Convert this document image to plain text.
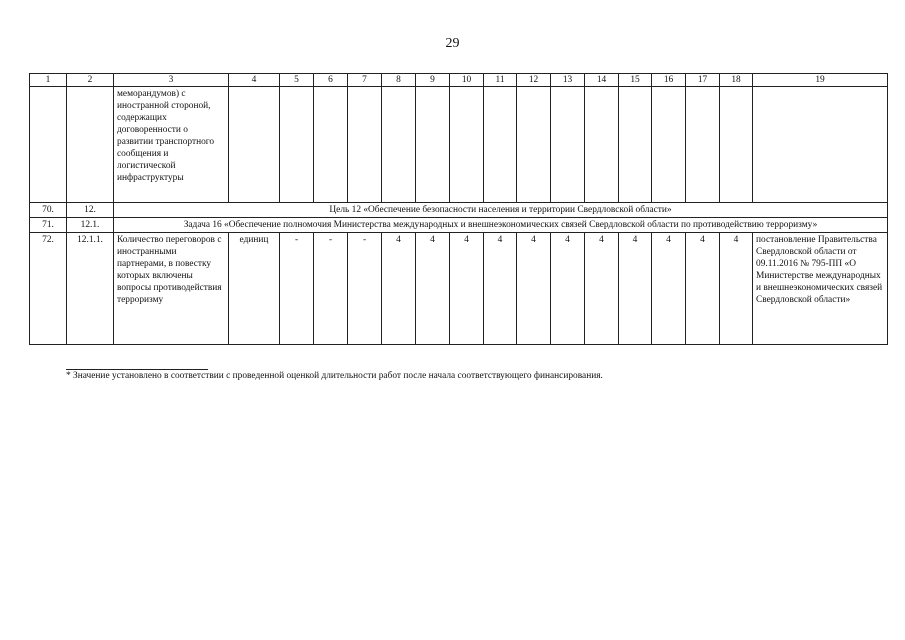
29
1	2	3	4	5	6	7	8	9	10	11	12	13	14	15	16	17	18	19
		меморандумов) с иностранной стороной, содержащих договоренности о развитии транспортного сообщения и логистической инфраструктуры																
70.	12.	Цель 12 «Обеспечение безопасности населения и территории Свердловской области»																
71.	12.1.	Задача 16 «Обеспечение полномочия Министерства международных и внешнеэкономических связей Свердловской области по противодействию терроризму»																
72.	12.1.1.	Количество переговоров с иностранными партнерами, в повестку которых включены вопросы противодействия терроризму	единиц	-	-	-	4	4	4	4	4	4	4	4	4	4	4	постановление Правительства Свердловской области от 09.11.2016 № 795-ПП «О Министерстве международных и внешнеэкономических связей Свердловской области»
* Значение установлено в соответствии с проведенной оценкой длительности работ после начала соответствующего финансирования.
